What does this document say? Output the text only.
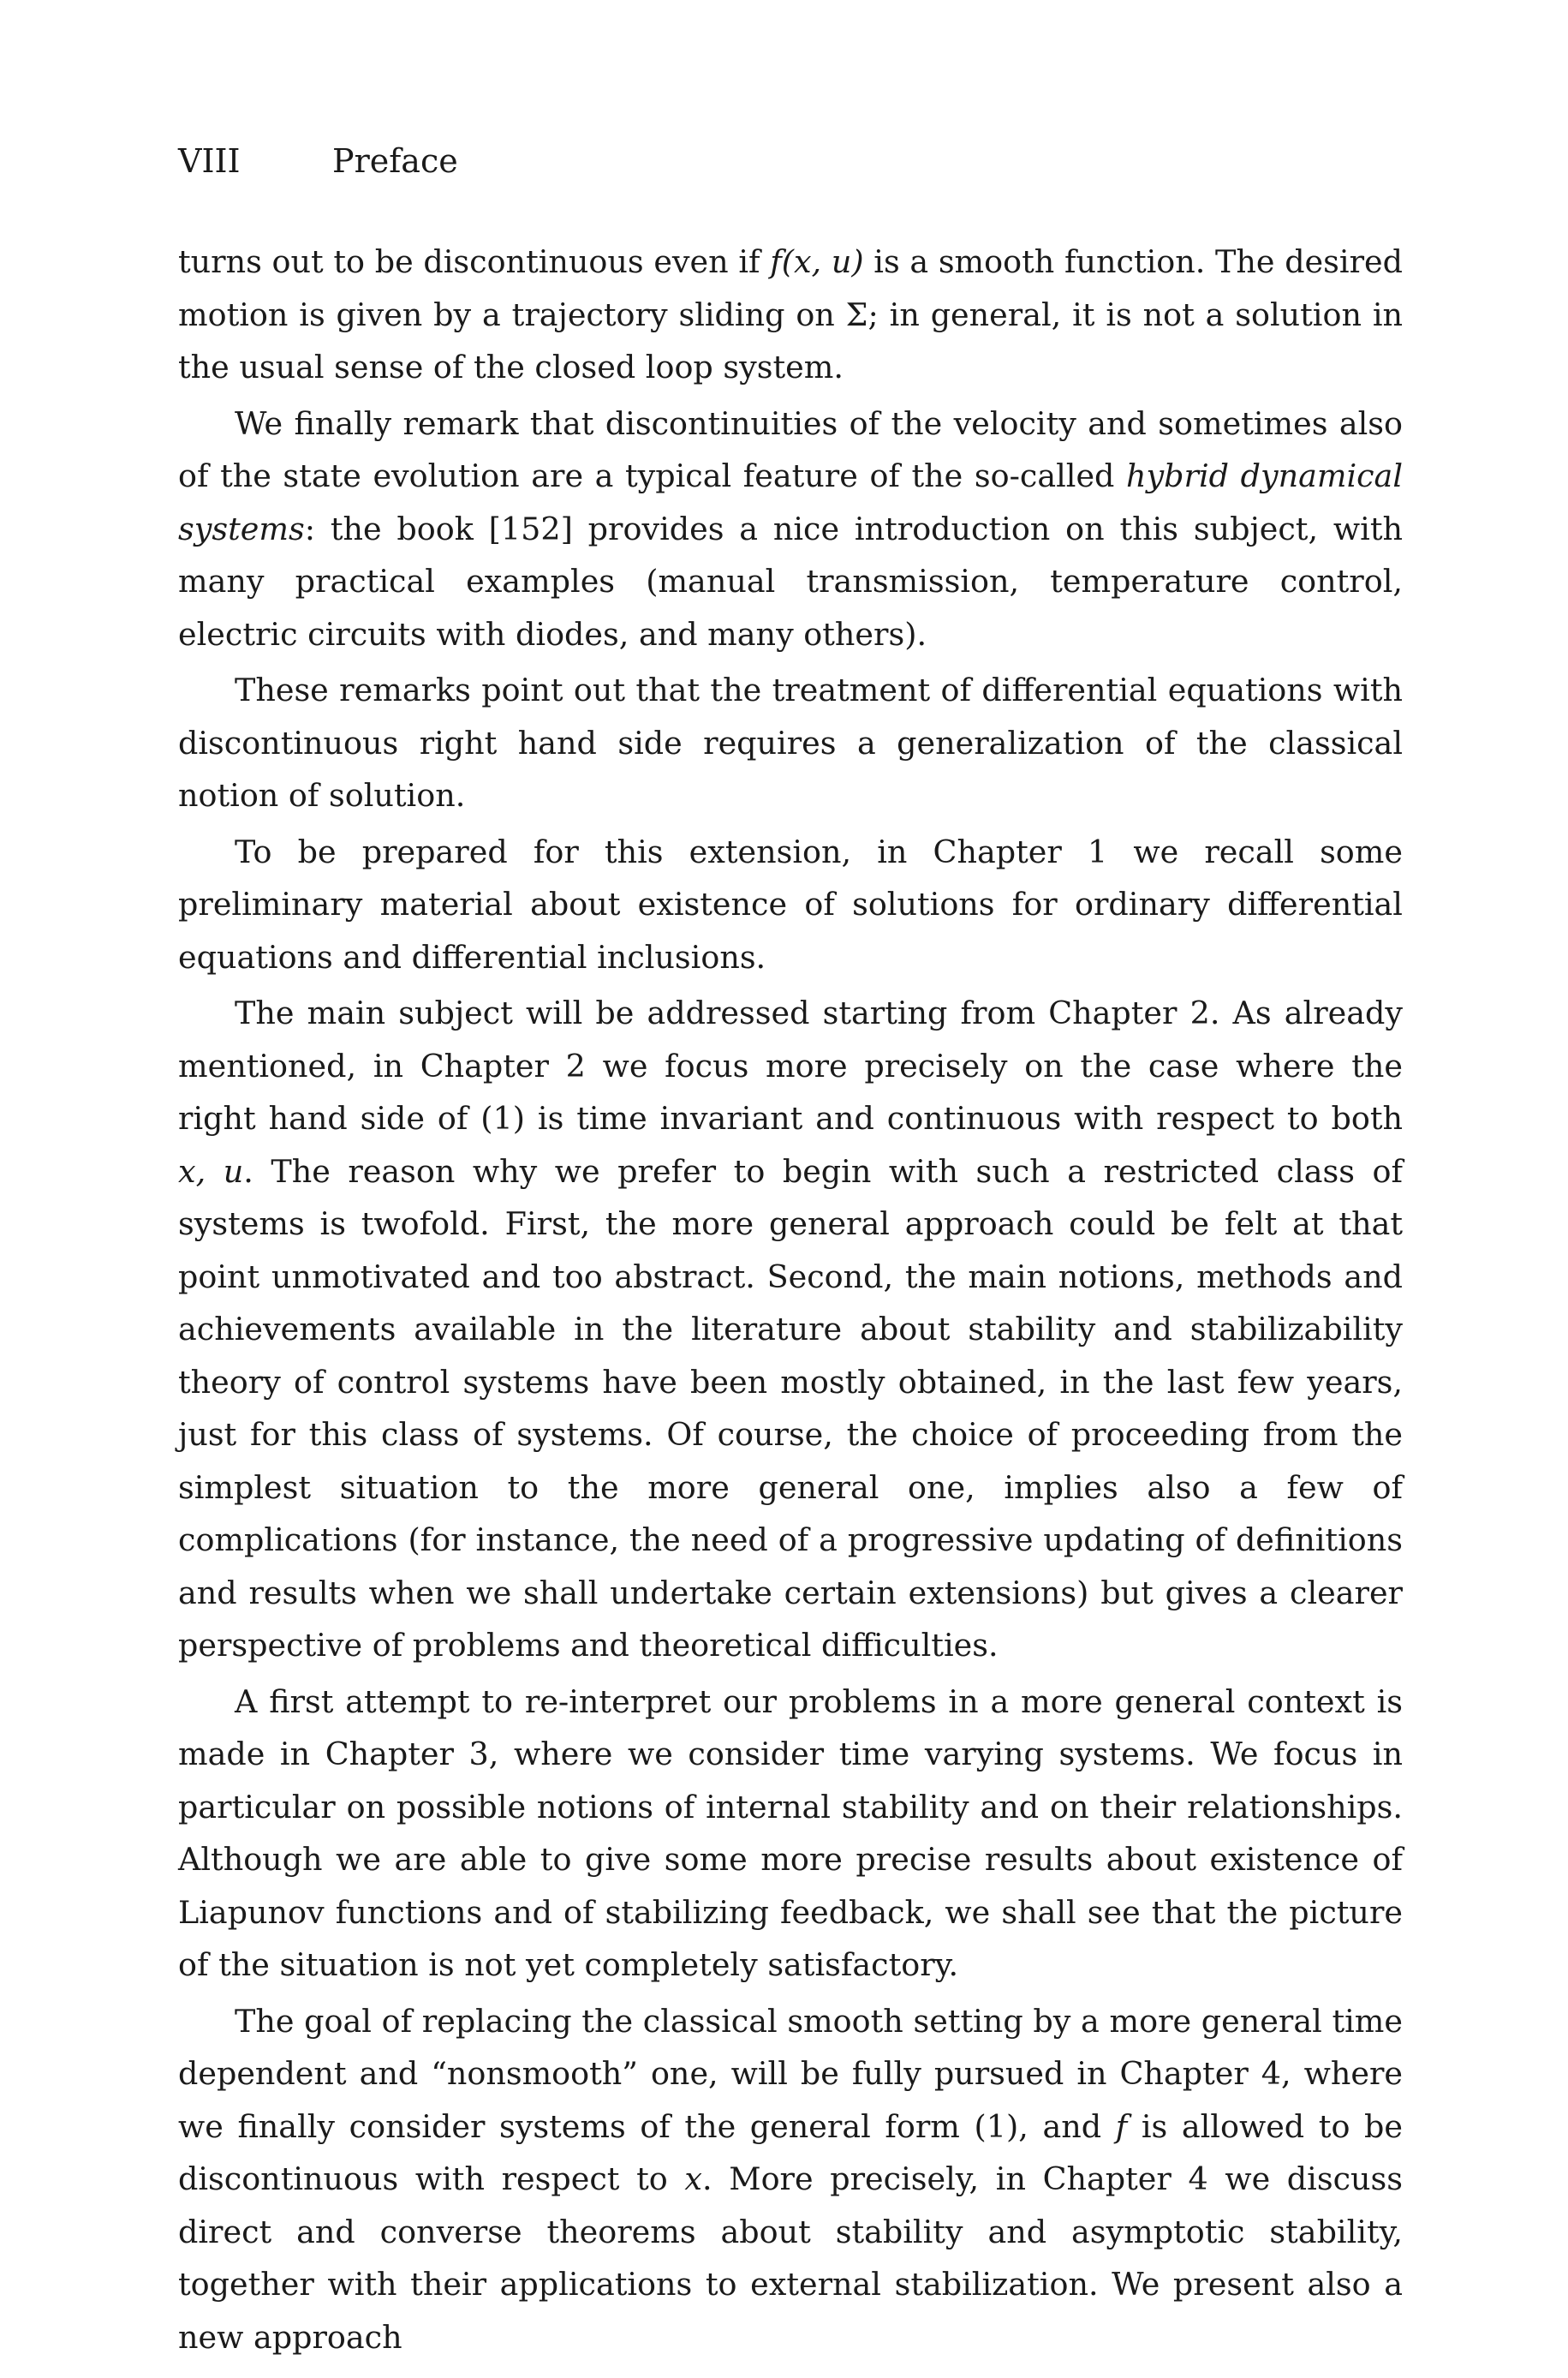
VIII	Preface

turns out to be discontinuous even if f(x, u) is a smooth function. The desired motion is given by a trajectory sliding on Σ; in general, it is not a solution in the usual sense of the closed loop system.

We finally remark that discontinuities of the velocity and sometimes also of the state evolution are a typical feature of the so-called hybrid dynamical systems: the book [152] provides a nice introduction on this subject, with many practical examples (manual transmission, temperature control, electric circuits with diodes, and many others).

These remarks point out that the treatment of differential equations with discontinuous right hand side requires a generalization of the classical notion of solution.

To be prepared for this extension, in Chapter 1 we recall some preliminary material about existence of solutions for ordinary differential equations and differential inclusions.

The main subject will be addressed starting from Chapter 2. As already mentioned, in Chapter 2 we focus more precisely on the case where the right hand side of (1) is time invariant and continuous with respect to both x, u. The reason why we prefer to begin with such a restricted class of systems is twofold. First, the more general approach could be felt at that point unmotivated and too abstract. Second, the main notions, methods and achievements available in the literature about stability and stabilizability theory of control systems have been mostly obtained, in the last few years, just for this class of systems. Of course, the choice of proceeding from the simplest situation to the more general one, implies also a few of complications (for instance, the need of a progressive updating of definitions and results when we shall undertake certain extensions) but gives a clearer perspective of problems and theoretical difficulties.

A first attempt to re-interpret our problems in a more general context is made in Chapter 3, where we consider time varying systems. We focus in particular on possible notions of internal stability and on their relationships. Although we are able to give some more precise results about existence of Liapunov functions and of stabilizing feedback, we shall see that the picture of the situation is not yet completely satisfactory.

The goal of replacing the classical smooth setting by a more general time dependent and “nonsmooth” one, will be fully pursued in Chapter 4, where we finally consider systems of the general form (1), and f is allowed to be discontinuous with respect to x. More precisely, in Chapter 4 we discuss direct and converse theorems about stability and asymptotic stability, together with their applications to external stabilization. We present also a new approach
